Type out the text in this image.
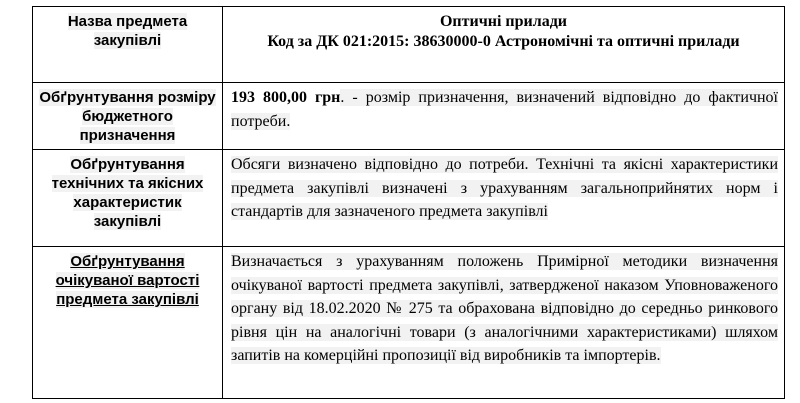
Назва предмета закупівлі	Оптичні прилади
Код за ДК 021:2015: 38630000-0 Астрономічні та оптичні прилади

Обґрунтування розміру бюджетного призначення	193 800,00 грн. - розмір призначення, визначений відповідно до фактичної потреби.
Обґрунтування технічних та якісних характеристик закупівлі	Обсяги визначено відповідно до потреби. Технічні та якісні характеристики предмета закупівлі визначені з урахуванням загальноприйнятих норм і стандартів для зазначеного предмета закупівлі
Обґрунтування очікуваної вартості предмета закупівлі	Визначається з урахуванням положень Примірної методики визначення очікуваної вартості предмета закупівлі, затвердженої наказом Уповноваженого органу від 18.02.2020 № 275 та обрахована відповідно до середньо ринкового рівня цін на аналогічні товари (з аналогічними характеристиками) шляхом запитів на комерційні пропозиції від виробників та імпортерів.
